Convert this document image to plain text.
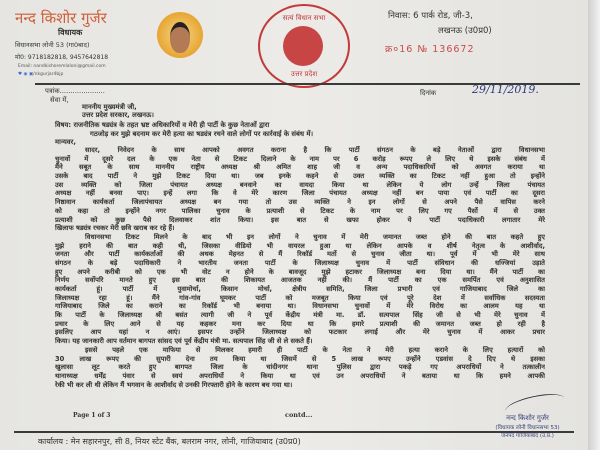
नन्द किशोर गुर्जर
विधायक
विधानसभा लोनी 53 (गा0बाद)
मो0: 9718182818, 9457642818
Email: nandkishoremlaloni@gmail.com
♥ ◉ ▣/nkgurjar4bjp
सत्यं विधान सभा
उत्तर प्रदेश
निवास: 6 पार्क रोड, जी-3,
लखनऊ (उ0प्र0)
क्र०16 № 136672
पत्रांक.....................
सेवा में,
दिनांक	29/11/2019.
माननीय मुख्यमंत्री जी,
उत्तर प्रदेश सरकार, लखनऊ।
विषय: राजनीतिक षड्यंत्र के तहत भ्रष्ट अधिकारियों व मेरी ही पार्टी के कुछ नेताओं द्वारा
गठजोड़ कर मुझे बदनाम कर मेरी हत्या का षड्यंत्र रचने वाले लोगों पर कार्रवाई के संबंध में।
मान्यवर,
सादर, निवेदन के साथ आपको अवगत कराना है कि पार्टी संगठन के बड़े नेताओं द्वारा विधानसभा
चुनावों में दूसरे दल के एक नेता से टिकट दिलाने के नाम पर 6 करोड़ रूपए ले लिए थे इसके संबंध में
मैंने सबूत के साथ माननीय राष्ट्रीय अध्यक्ष श्री अमित शाह जी व अन्य पदाधिकारियों को अवगत कराया था
उसके बाद पार्टी ने मुझे टिकट दिया था। जब इनके कहने से उक्त व्यक्ति का टिकट नहीं हुआ तो इन्होंने
उस व्यक्ति को जिला पंचायत अध्यक्ष बनवाने का वायदा किया था लेकिन ये लोग उन्हें जिला पंचायत
अध्यक्ष नहीं बनवा पाए। इन्हें लगा कि वे मेरे कारण जिला पंचायत अध्यक्ष नहीं बन पाया एवं पार्टी का दूसरा
निष्ठावान कार्यकर्ता जिलापंचायत अध्यक्ष बन गया तो उस व्यक्ति ने इन लोगों से अपने पैसे वापिस करने
को कहा तो इन्होंने नगर पालिका चुनाव के प्रत्याशी से टिकट के नाम पर लिए गए पैसों में से उक्त
प्रत्याशी को कुछ पैसे दिलवाकर शांत किया। इस बात से खफा होकर ये पार्टी पदाधिकारी लगातार मेरे
खिलाफ षड्यंत्र रचकर मेरी छवि खराब कर रहे हैं।
विधानसभा टिकट मिलने के बाद भी इन लोगों ने चुनाव में मेरी जमानत जब्त होने की बात कहते हुए
मुझे हराने की बात कही थी, जिसका वीडियो भी वायरल हुआ था लेकिन आपके व शीर्ष नेतृत्व के आशीर्वाद,
जनता और पार्टी कार्यकर्ताओं की अथक मेहनत से मैं रिकॉर्ड मतों से चुनाव जीता था। पूर्व में भी मेरे साथ
संगठन के बड़े पदाधिकारी ने भारतीय जनता पार्टी के जिलाध्यक्ष चुनाव में पार्टी संविधान की धज्जियां उड़ाते
हुए अपने करीबी को एक भी वोट न होने के बावजूद मुझे हटाकर जिलाध्यक्ष बना दिया था। मैंने पार्टी का
निर्णय सर्वोपरि मानते हुए इस बात की शिकायत आजतक नहीं की। मैं पार्टी का एक समर्पित एवं अनुशासित
कार्यकर्ता हूं। पार्टी में युवामोर्चा, किसान मोर्चा, क्षेत्रीय समिति, जिला प्रभारी एवं गाजियाबाद जिले का
जिलाध्यक्ष रहा हूं। मैंने गांव-गांव घूमकर पार्टी को मजबूत किया एवं पूरे देश में सर्वाधिक सदस्यता
गाजियाबाद जिले का कराने का रिकॉर्ड भी बनाया था। विधानसभा चुनावों में मेरे विरोध का आलम यह था
कि पार्टी के जिलाध्यक्ष श्री बसंत त्यागी जी ने पूर्व केंद्रीय मंत्री मा. डॉ. सत्यपाल सिंह जी से भी मेरे चुनाव में
प्रचार के लिए आने से यह कहकर मना कर दिया था कि हमारे प्रत्याशी की जमानत जब्त हो रही है
इसलिए आप यहां न आएं। इसपर उन्होंने जिलाध्यक्ष को फटकार लगाई और मेरे चुनाव में आकर प्रचार
किया। यह जानकारी आप वर्तमान बागपत सांसद एवं पूर्व केंद्रीय मंत्री मा. सत्यपाल सिंह जी से ले सकते हैं।
इससे पहले एक माफिया से मिलकर हमारी ही पार्टी के नेता ने मेरी हत्या कराने के लिए हत्यारों को
30 लाख रूपए की सुपारी देना तय किया था जिसमें से 5 लाख रूपए उन्होंने एडवांस दे दिए थे इसका
खुलासा लूट करते हुए बागपत जिला के चांदीनगर थाना पुलिस द्वारा पकड़े गए अपराधियों ने तत्कालीन
थानाध्यक्ष धर्मेंद्र पंवार से स्वयं अपराधियों ने किया था एवं उन अपराधियों ने बताया था कि हमने आपकी
रेकी भी कर ली थी लेकिन मैं भगवान के आशीर्वाद से उनकी गिरफ्तारी होने के कारण बच गया था।
Page 1 of 3	contd...	नन्द किशोर गुर्जर
(विधायक लोनी विधानसभा 53)
जनपद गाजियाबाद (उ.प्र.)
कार्यालय : मेन सहारनपुर, सी 8, नियर स्टेट बैंक, बलराम नगर, लोनी, गाजियाबाद (उ0प्र0)
